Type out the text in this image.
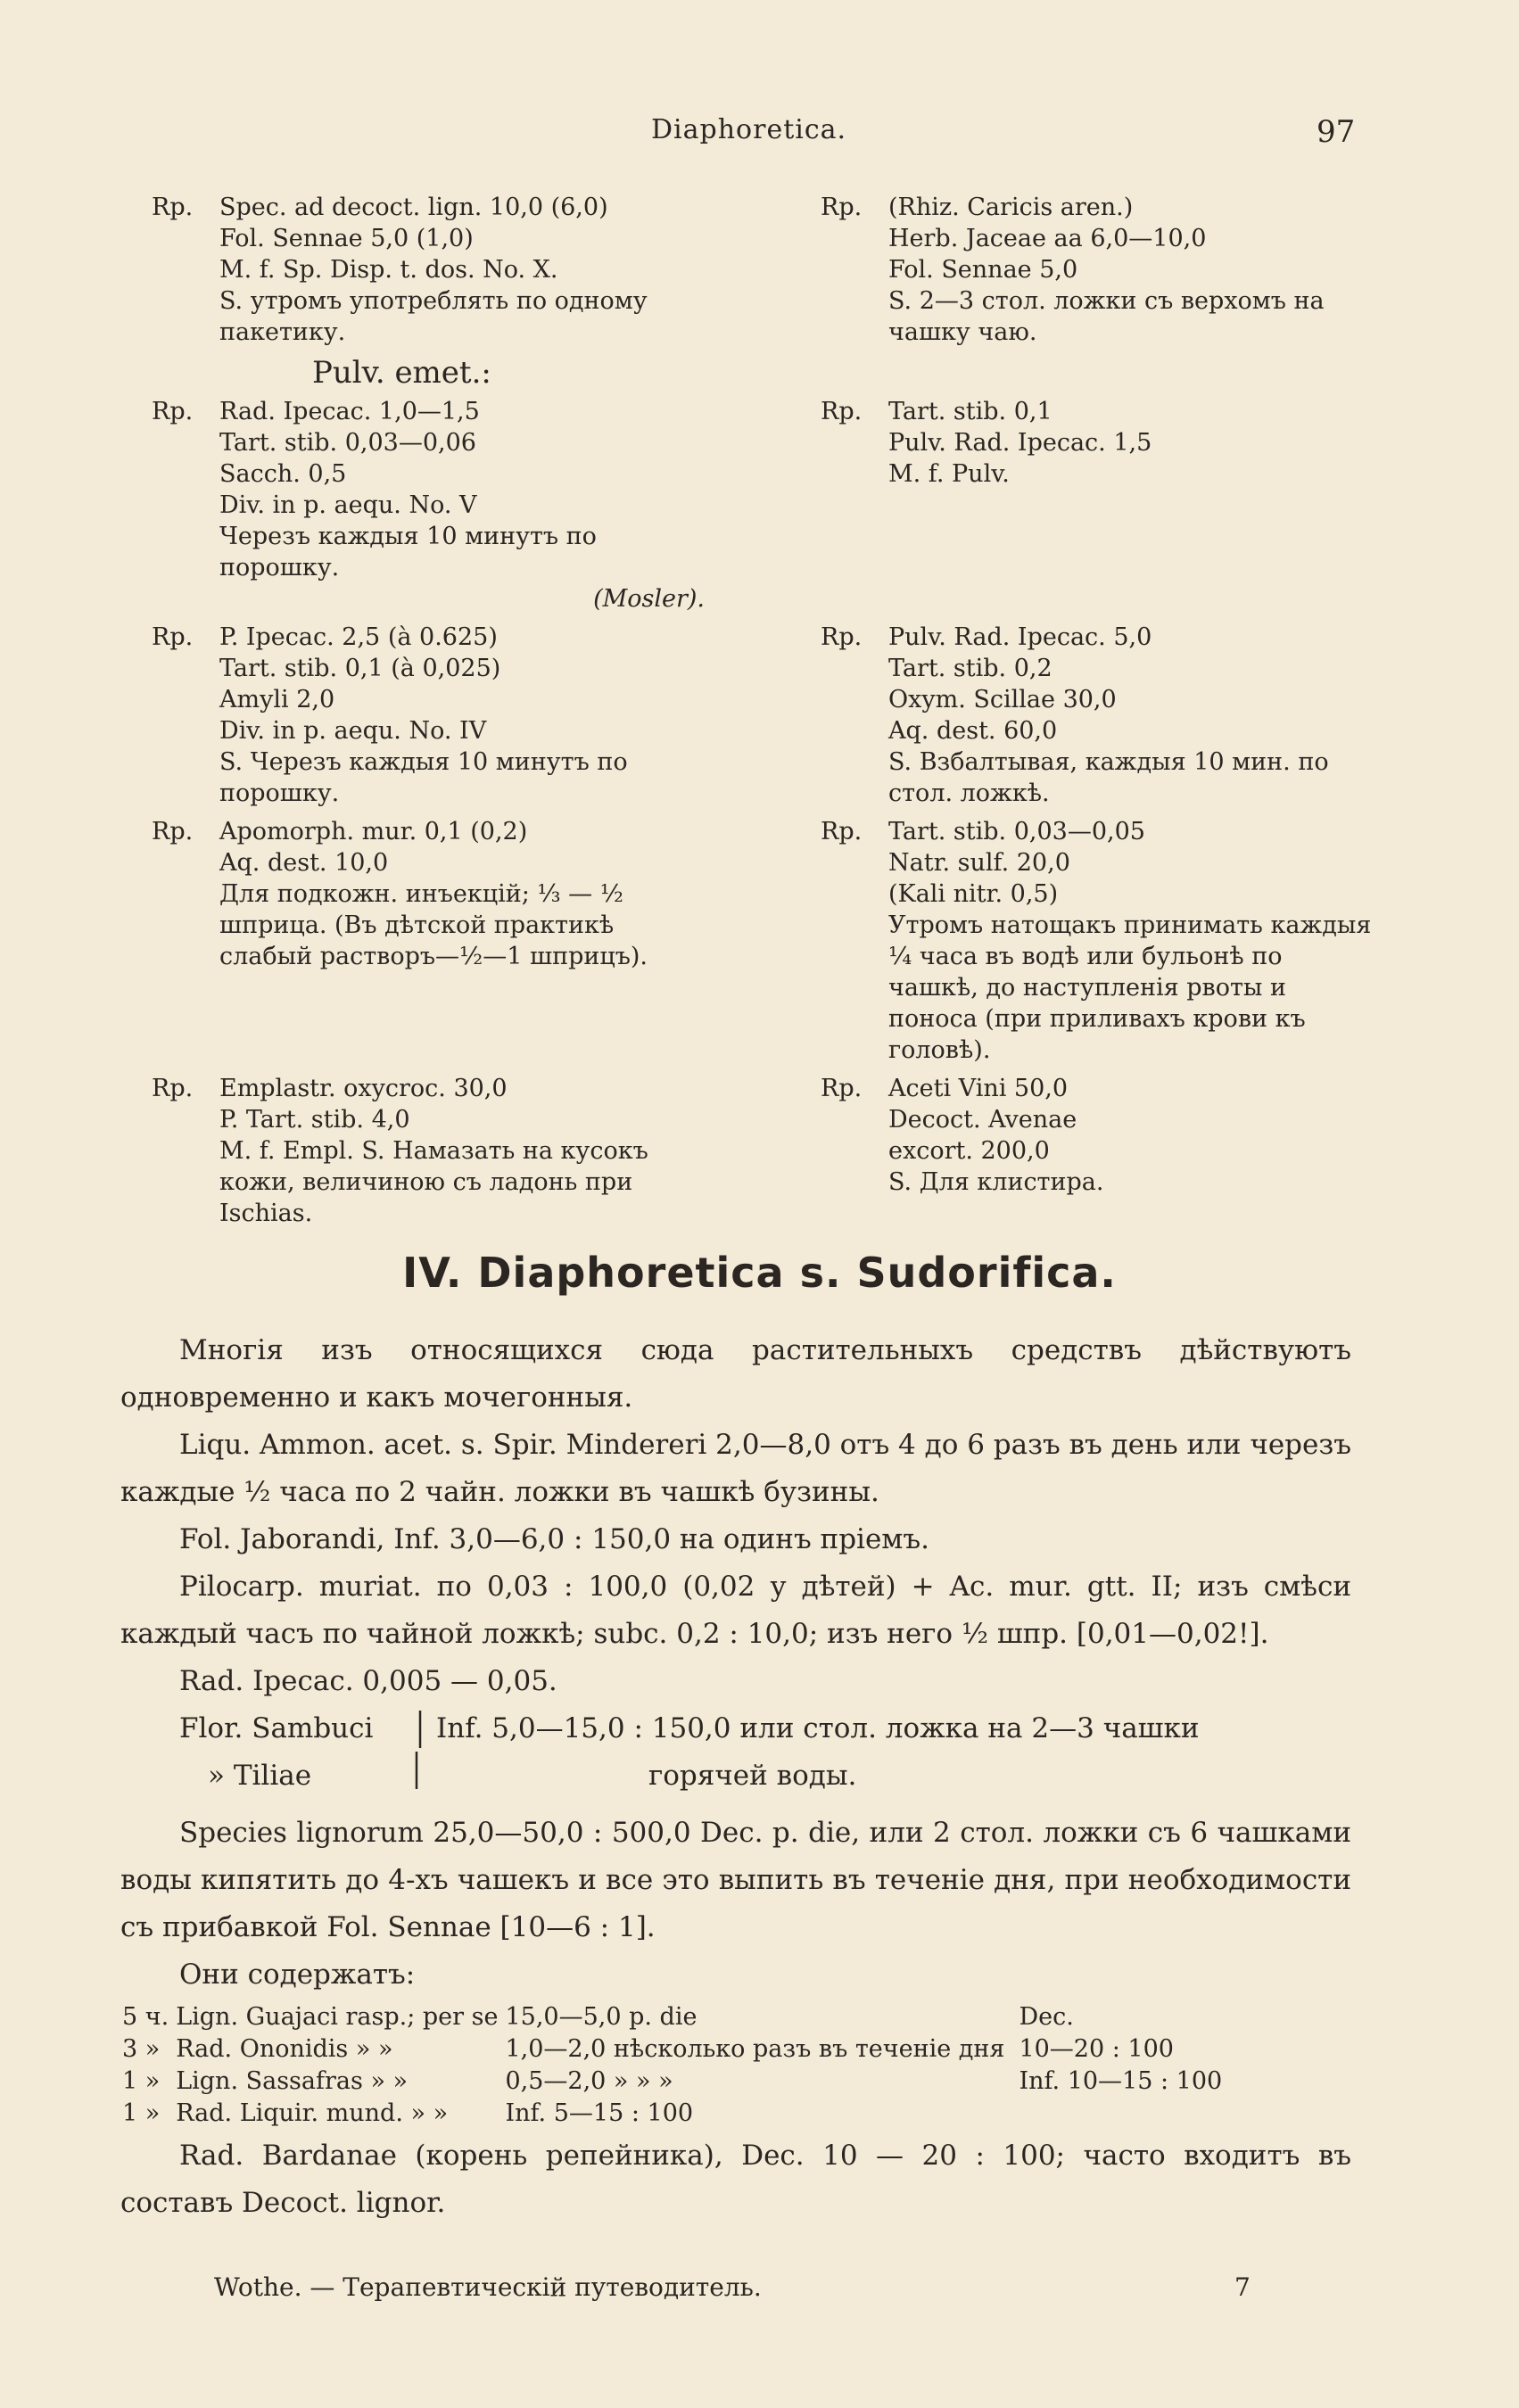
Diaphoretica.	97
Rp.	Spec. ad decoct. lign. 10,0 (6,0)
Fol. Sennae 5,0 (1,0)
M. f. Sp. Disp. t. dos. No. X.
S. утромъ употреблять по одному пакетику.
Rp.	(Rhiz. Caricis aren.)
Herb. Jaceae aa 6,0—10,0
Fol. Sennae 5,0
S. 2—3 стол. ложки съ верхомъ на чашку чаю.
Pulv. emet.:
Rp.	Rad. Ipecac. 1,0—1,5
Tart. stib. 0,03—0,06
Sacch. 0,5
Div. in p. aequ. No. V
Черезъ каждыя 10 минутъ по порошку.
(Mosler).
Rp.	Tart. stib. 0,1
Pulv. Rad. Ipecac. 1,5
M. f. Pulv.
Rp.	P. Ipecac. 2,5 (à 0.625)
Tart. stib. 0,1 (à 0,025)
Amyli 2,0
Div. in p. aequ. No. IV
S. Черезъ каждыя 10 минутъ по порошку.
Rp.	Pulv. Rad. Ipecac. 5,0
Tart. stib. 0,2
Oxym. Scillae 30,0
Aq. dest. 60,0
S. Взбалтывая, каждыя 10 мин. по стол. ложкѣ.
Rp.	Apomorph. mur. 0,1 (0,2)
Aq. dest. 10,0
Для подкожн. инъекцій; ⅓ — ½ шприца. (Въ дѣтской практикѣ слабый растворъ—½—1 шприцъ).
Rp.	Tart. stib. 0,03—0,05
Natr. sulf. 20,0
(Kali nitr. 0,5)
Утромъ натощакъ принимать каждыя ¼ часа въ водѣ или бульонѣ по чашкѣ, до наступленія рвоты и поноса (при приливахъ крови къ головѣ).
Rp.	Emplastr. oxycroc. 30,0
P. Tart. stib. 4,0
M. f. Empl. S. Намазать на кусокъ кожи, величиною съ ладонь при Ischias.
Rp.	Aceti Vini 50,0
Decoct. Avenae
excort. 200,0
S. Для клистира.
IV. Diaphoretica s. Sudorifica.

Многія изъ относящихся сюда растительныхъ средствъ дѣйствуютъ одновременно и какъ мочегонныя.

Liqu. Ammon. acet. s. Spir. Mindereri 2,0—8,0 отъ 4 до 6 разъ въ день или черезъ каждые ½ часа по 2 чайн. ложки въ чашкѣ бузины.

Fol. Jaborandi, Inf. 3,0—6,0 : 150,0 на одинъ пріемъ.

Pilocarp. muriat. по 0,03 : 100,0 (0,02 у дѣтей) + Ac. mur. gtt. II; изъ смѣси каждый часъ по чайной ложкѣ; subc. 0,2 : 10,0; изъ него ½ шпр. [0,01—0,02!].

Rad. Ipecac. 0,005 — 0,05.

Flor. Sambuci
» Tiliae
Inf. 5,0—15,0 : 150,0 или стол. ложка на 2—3 чашки
горячей воды.

Species lignorum 25,0—50,0 : 500,0 Dec. p. die, или 2 стол. ложки съ 6 чашками воды кипятить до 4-хъ чашекъ и все это выпить въ теченіе дня, при необходимости съ прибавкой Fol. Sennae [10—6 : 1].

Они содержатъ:

5 ч.	Lign. Guajaci rasp.; per se	15,0—5,0 p. die		Dec.
3 »	Rad. Ononidis » »	1,0—2,0 нѣсколько разъ въ теченіе дня		10—20 : 100
1 »	Lign. Sassafras » »	0,5—2,0 » » »		Inf. 10—15 : 100
1 »	Rad. Liquir. mund. » »	Inf. 5—15 : 100		

Rad. Bardanae (корень репейника), Dec. 10 — 20 : 100; часто входитъ въ составъ Decoct. lignor.

Wothe. — Терапевтическій путеводитель.	7
